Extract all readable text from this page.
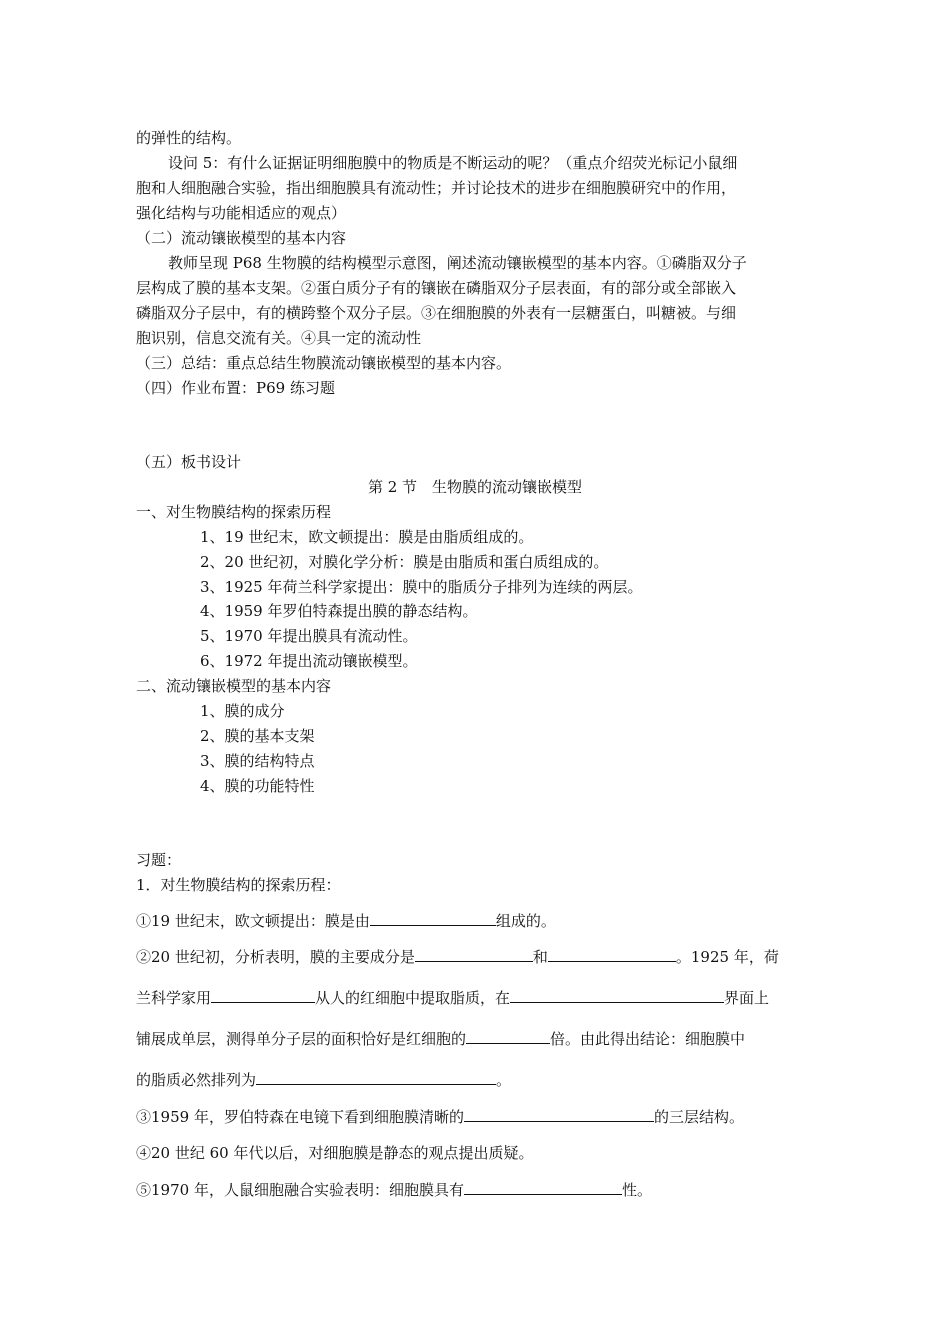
的弹性的结构。
设问 5：有什么证据证明细胞膜中的物质是不断运动的呢？（重点介绍荧光标记小鼠细
胞和人细胞融合实验，指出细胞膜具有流动性；并讨论技术的进步在细胞膜研究中的作用，
强化结构与功能相适应的观点）
（二）流动镶嵌模型的基本内容
教师呈现 P68 生物膜的结构模型示意图，阐述流动镶嵌模型的基本内容。①磷脂双分子
层构成了膜的基本支架。②蛋白质分子有的镶嵌在磷脂双分子层表面，有的部分或全部嵌入
磷脂双分子层中，有的横跨整个双分子层。③在细胞膜的外表有一层糖蛋白，叫糖被。与细
胞识别，信息交流有关。④具一定的流动性
（三）总结：重点总结生物膜流动镶嵌模型的基本内容。
（四）作业布置：P69 练习题
（五）板书设计
第 2 节　生物膜的流动镶嵌模型
一、对生物膜结构的探索历程
1、19 世纪末，欧文顿提出：膜是由脂质组成的。
2、20 世纪初，对膜化学分析：膜是由脂质和蛋白质组成的。
3、1925 年荷兰科学家提出：膜中的脂质分子排列为连续的两层。
4、1959 年罗伯特森提出膜的静态结构。
5、1970 年提出膜具有流动性。
6、1972 年提出流动镶嵌模型。
二、流动镶嵌模型的基本内容
1、膜的成分
2、膜的基本支架
3、膜的结构特点
4、膜的功能特性
习题：
1．对生物膜结构的探索历程：
①19 世纪末，欧文顿提出：膜是由	组成的。
②20 世纪初，分析表明，膜的主要成分是	和	。1925 年，荷
兰科学家用	从人的红细胞中提取脂质，在	界面上
铺展成单层，测得单分子层的面积恰好是红细胞的	倍。由此得出结论：细胞膜中
的脂质必然排列为	。
③1959 年，罗伯特森在电镜下看到细胞膜清晰的	的三层结构。
④20 世纪 60 年代以后，对细胞膜是静态的观点提出质疑。
⑤1970 年，人鼠细胞融合实验表明：细胞膜具有	性。
